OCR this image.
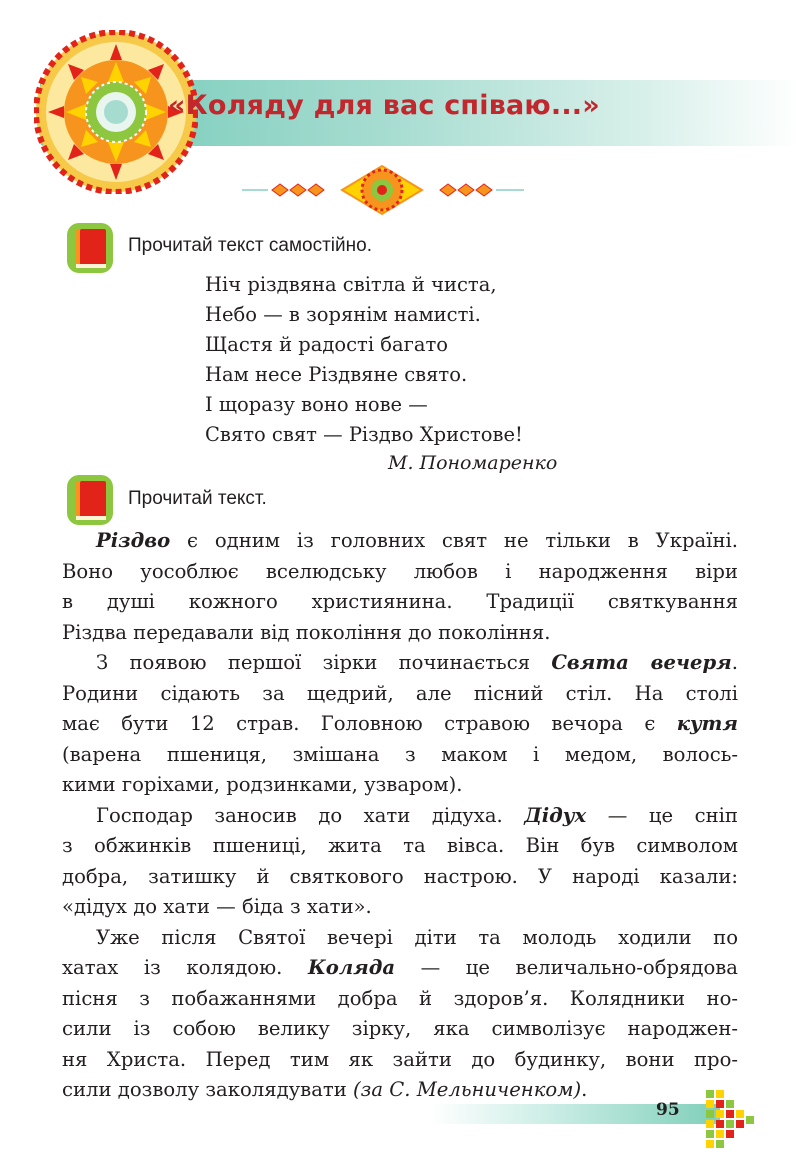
«Коляду для вас співаю...»
Прочитай текст самостійно.
Ніч різдвяна світла й чиста,
Небо — в зорянім намисті.
Щастя й радості багато
Нам несе Різдвяне свято.
І щоразу воно нове —
Свято свят — Різдво Христове!
М. Пономаренко
Прочитай текст.
Різдво є одним із головних свят не тільки в Україні.
Воно уособлює вселюдську любов і народження віри
в душі кожного християнина. Традиції святкування
Різдва передавали від покоління до покоління.
З появою першої зірки починається Свята вечеря.
Родини сідають за щедрий, але пісний стіл. На столі
має бути 12 страв. Головною стравою вечора є кутя
(варена пшениця, змішана з маком і медом, волось-
кими горіхами, родзинками, узваром).
Господар заносив до хати дідуха. Дідух — це сніп
з обжинків пшениці, жита та вівса. Він був символом
добра, затишку й святкового настрою. У народі казали:
«дідух до хати — біда з хати».
Уже після Святої вечері діти та молодь ходили по
хатах із колядою. Коляда — це величально-обрядова
пісня з побажаннями добра й здоров’я. Колядники но-
сили із собою велику зірку, яка символізує народжен-
ня Христа. Перед тим як зайти до будинку, вони про-
сили дозволу заколядувати (за С. Мельниченком).
95
